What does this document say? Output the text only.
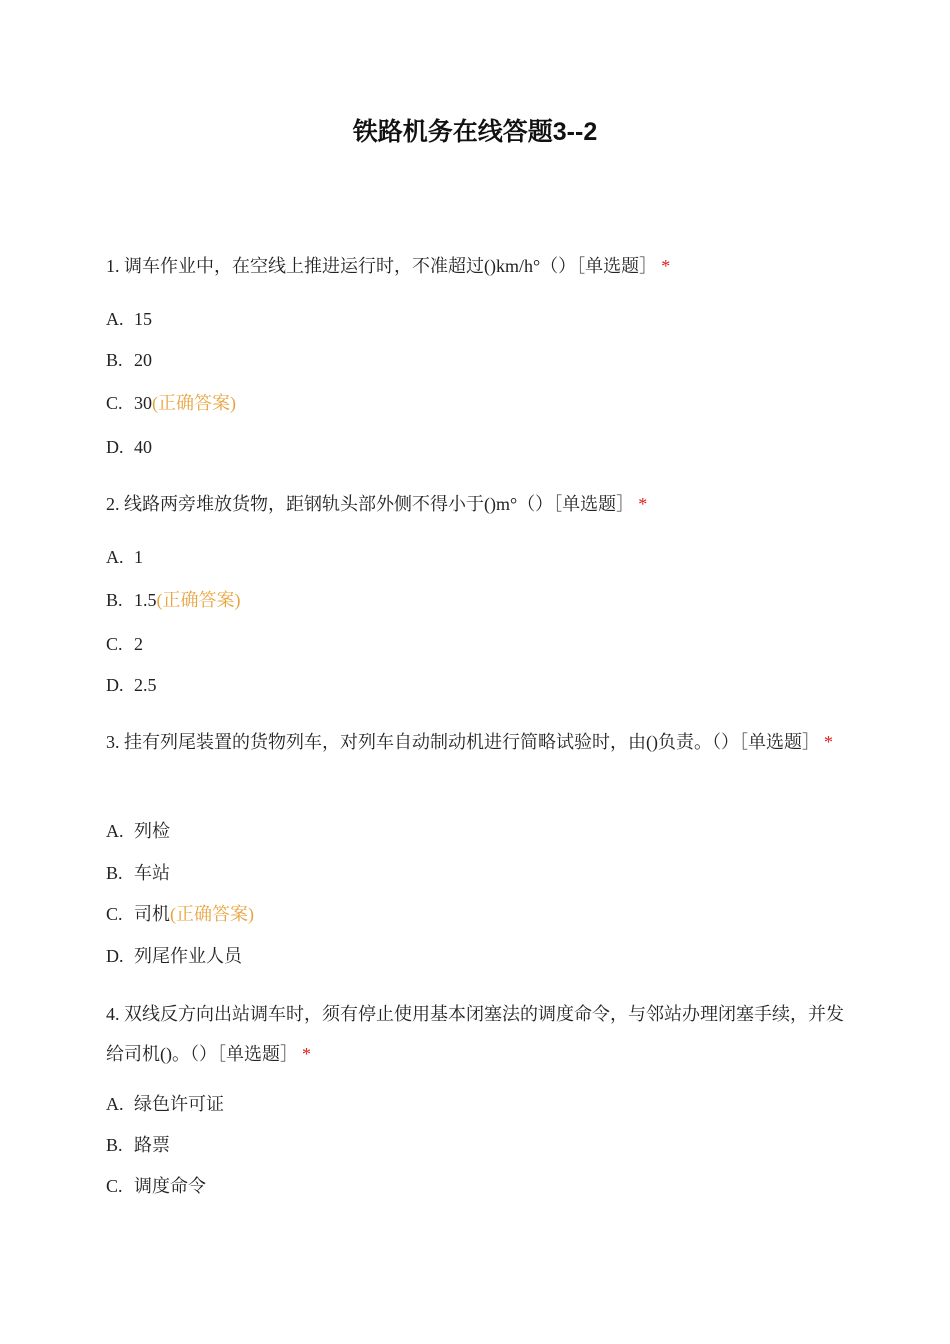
铁路机务在线答题3--2
1. 调车作业中，在空线上推进运行时，不准超过()km/h°（）［单选题］ *
A. 15
B. 20
C. 30(正确答案)
D. 40
2. 线路两旁堆放货物，距钢轨头部外侧不得小于()m°（）［单选题］ *
A. 1
B. 1.5(正确答案)
C. 2
D. 2.5
3. 挂有列尾装置的货物列车，对列车自动制动机进行简略试验时，由()负责。（）［单选题］ *
A. 列检
B. 车站
C. 司机(正确答案)
D. 列尾作业人员
4. 双线反方向出站调车时，须有停止使用基本闭塞法的调度命令，与邻站办理闭塞手续，并发给司机()。（）［单选题］ *
A. 绿色许可证
B. 路票
C. 调度命令
